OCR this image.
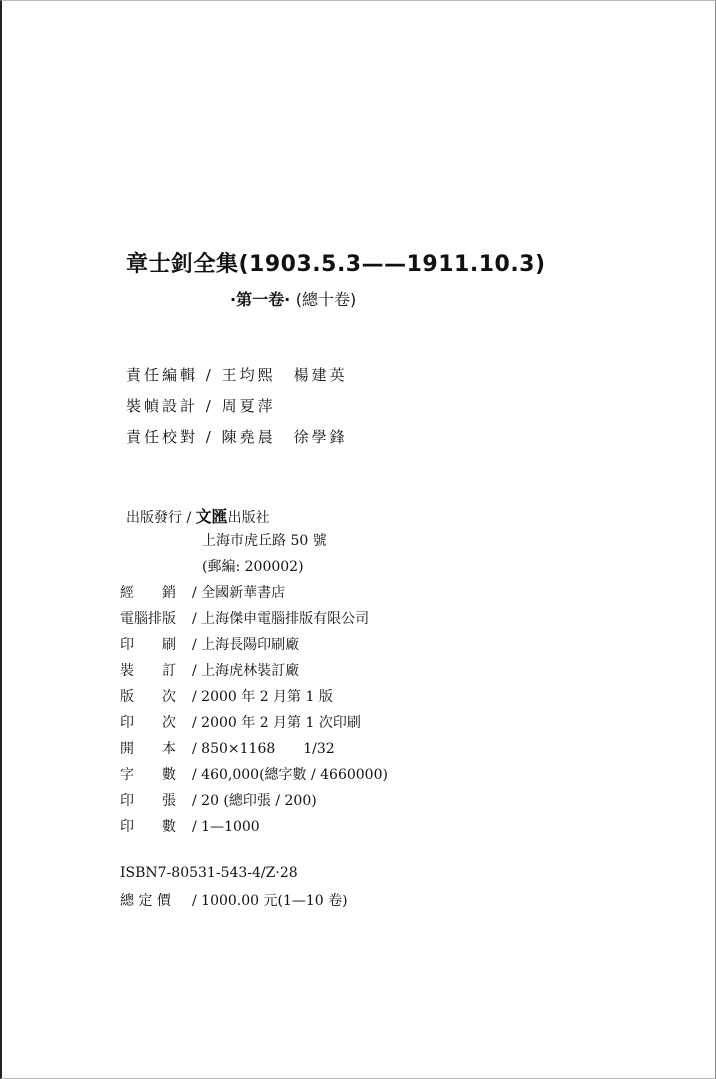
章士釗全集(1903.5.3——1911.10.3)
·第一卷· (總十卷)
責任編輯 / 王均熙　楊建英
裝幀設計 / 周夏萍
責任校對 / 陳堯晨　徐學鋒
出版發行 / 文匯出版社
上海市虎丘路 50 號
(郵編: 200002)
經　　銷 / 全國新華書店
電腦排版 / 上海傑申電腦排版有限公司
印　　刷 / 上海長陽印刷廠
裝　　訂 / 上海虎林裝訂廠
版　　次 / 2000 年 2 月第 1 版
印　　次 / 2000 年 2 月第 1 次印刷
開　　本 / 850×1168　　1/32
字　　數 / 460,000(總字數 / 4660000)
印　　張 / 20 (總印張 / 200)
印　　數 / 1—1000
ISBN7-80531-543-4/Z·28
總 定 價 / 1000.00 元(1—10 卷)
